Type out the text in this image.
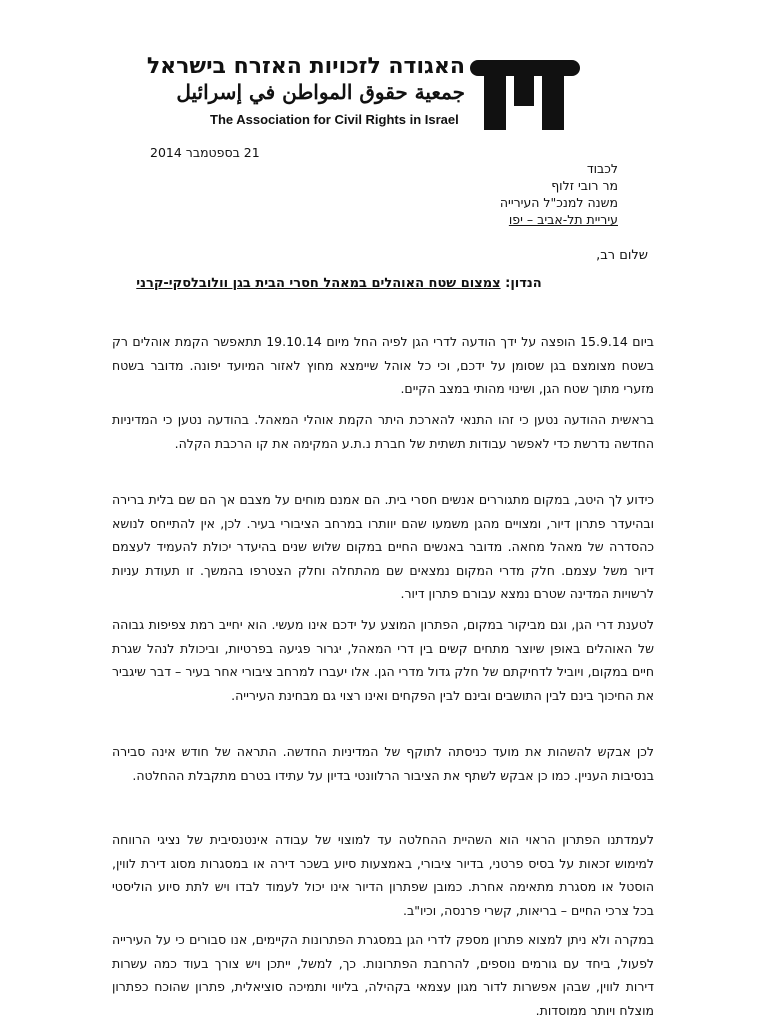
האגודה לזכויות האזרח בישראל
جمعية حقوق المواطن في إسرائيل
The Association for Civil Rights in Israel
21 בספטמבר 2014
לכבוד
מר רובי זלוף
משנה למנכ"ל העירייה
עיריית תל-אביב – יפו
שלום רב,
הנדון: צמצום שטח האוהלים במאהל חסרי הבית בגן וולובלסקי-קרני
ביום 15.9.14 הופצה על ידך הודעה לדרי הגן לפיה החל מיום 19.10.14 תתאפשר הקמת אוהלים רק בשטח מצומצם בגן שסומן על ידכם, וכי כל אוהל שיימצא מחוץ לאזור המיועד יפונה. מדובר בשטח מזערי מתוך שטח הגן, ושינוי מהותי במצב הקיים.
בראשית ההודעה נטען כי זהו התנאי להארכת היתר הקמת אוהלי המאהל. בהודעה נטען כי המדיניות החדשה נדרשת כדי לאפשר עבודות תשתית של חברת נ.ת.ע המקימה את קו הרכבת הקלה.
כידוע לך היטב, במקום מתגוררים אנשים חסרי בית. הם אמנם מוחים על מצבם אך הם שם בלית ברירה ובהיעדר פתרון דיור, ומצויים מהגן משמעו שהם יוותרו במרחב הציבורי בעיר. לכן, אין להתייחס לנושא כהסדרה של מאהל מחאה. מדובר באנשים החיים במקום שלוש שנים בהיעדר יכולת להעמיד לעצמם דיור משל עצמם. חלק מדרי המקום נמצאים שם מהתחלה וחלק הצטרפו בהמשך. זו תעודת עניות לרשויות המדינה שטרם נמצא עבורם פתרון דיור.
לטענת דרי הגן, וגם מביקור במקום, הפתרון המוצע על ידכם אינו מעשי. הוא יחייב רמת צפיפות גבוהה של האוהלים באופן שיוצר מתחים קשים בין דרי המאהל, יגרור פגיעה בפרטיות, וביכולת לנהל שגרת חיים במקום, ויוביל לדחיקתם של חלק גדול מדרי הגן. אלו יעברו למרחב ציבורי אחר בעיר – דבר שיגביר את החיכוך בינם לבין התושבים ובינם לבין הפקחים ואינו רצוי גם מבחינת העירייה.
לכן אבקש להשהות את מועד כניסתה לתוקף של המדיניות החדשה. התראה של חודש אינה סבירה בנסיבות העניין. כמו כן אבקש לשתף את הציבור הרלוונטי בדיון על עתידו בטרם מתקבלת ההחלטה.
לעמדתנו הפתרון הראוי הוא השהיית ההחלטה עד למוצוי של עבודה אינטנסיבית של נציגי הרווחה למימוש זכאות על בסיס פרטני, בדיור ציבורי, באמצעות סיוע בשכר דירה או במסגרות מסוג דירת לווין, הוסטל או מסגרת מתאימה אחרת. כמובן שפתרון הדיור אינו יכול לעמוד לבדו ויש לתת סיוע הוליסטי בכל צרכי החיים – בריאות, קשרי פרנסה, וכיו"ב.
במקרה ולא ניתן למצוא פתרון מספק לדרי הגן במסגרת הפתרונות הקיימים, אנו סבורים כי על העירייה לפעול, ביחד עם גורמים נוספים, להרחבת הפתרונות. כך, למשל, ייתכן ויש צורך בעוד כמה עשרות דירות לווין, שבהן אפשרות לדור מגון עצמאי בקהילה, בליווי ותמיכה סוציאלית, פתרון שהוכח כפתרון מוצלח ויותר ממוסדות.
